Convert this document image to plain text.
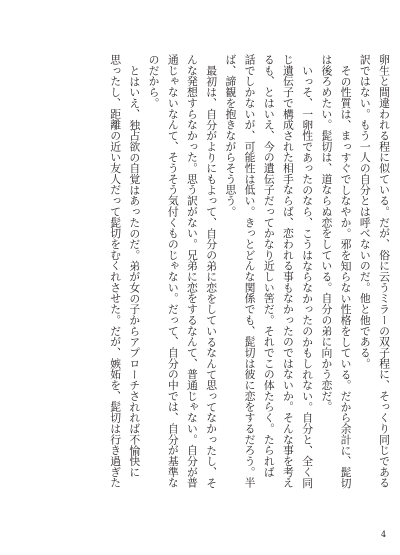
卵生と間違われる程に似ている。だが、俗に云うミラーの双子程に、そっくり同じである
訳ではない。もう一人の自分とは呼べないのだ。他と他である。
その性質は、まっすぐでしなやか。邪を知らない性格をしている。だから余計に、髭切
は後ろめたい。髭切は、道ならぬ恋をしている。自分の弟に向かう恋だ。
いっそ、一卵性であったのなら、こうはならなかったのかもしれない。自分と、全く同
じ遺伝子で構成された相手ならば、恋われる事もなかったのではないか。そんな事を考え
るも、とはいえ、今の遺伝子だってかなり近しい筈だ。それでこの体たらく。たられば
話でしかないが、可能性は低い。きっとどんな関係でも、髭切は彼に恋をするだろう。半
ば、諦観を抱きながらそう思う。
最初は、自分がよりにもよって、自分の弟に恋をしているなんて思ってなかったし、そ
んな発想すらなかった。思う訳がない。兄弟に恋をするなんて、普通じゃない。自分が普
通じゃないなんて、そうそう気付くものじゃない。だって、自分の中では、自分が基準な
のだから。
とはいえ、独占欲の自覚はあったのだ。弟が女の子からアプローチされれば不愉快に
思ったし、距離の近い友人だって髭切をむくれさせた。だが、嫉妬を、髭切は行き過ぎた
4
